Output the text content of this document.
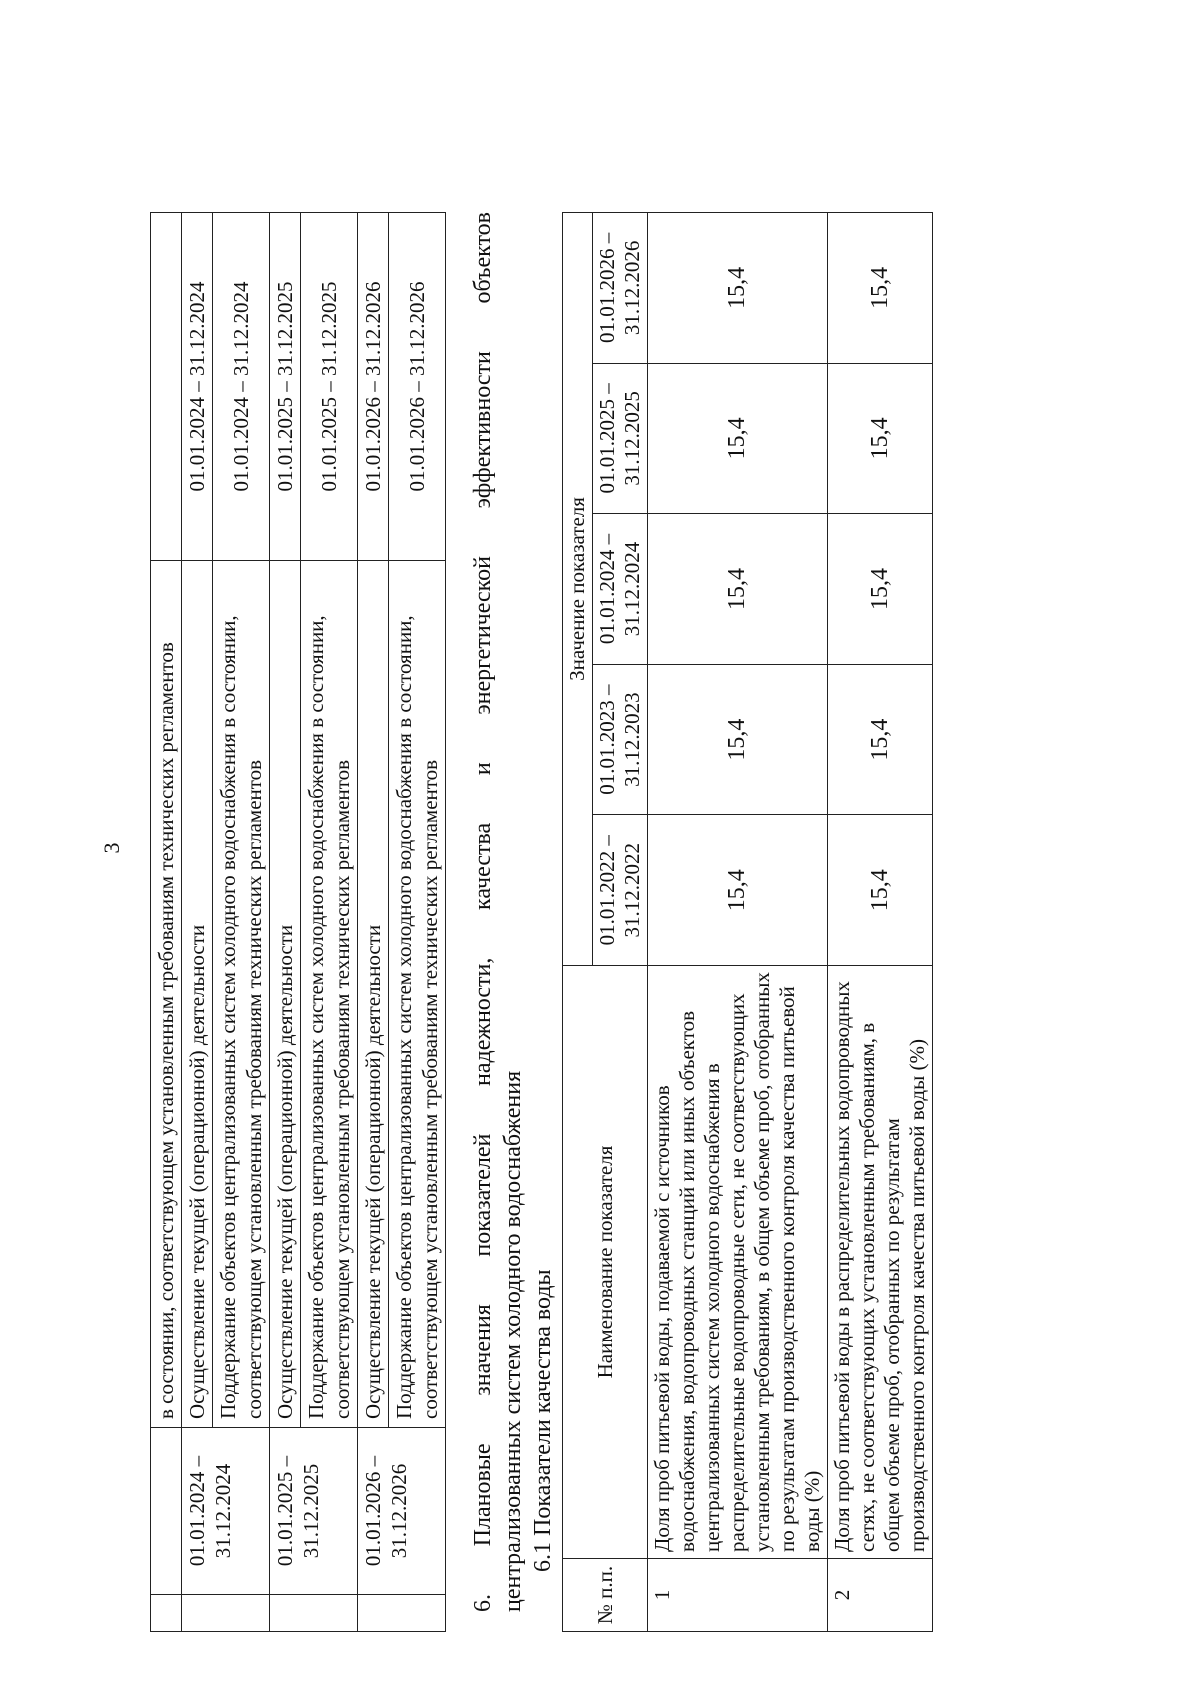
3
		в состоянии, соответствующем установленным требованиям технических регламентов	
	01.01.2024 – 31.12.2024	Осуществление текущей (операционной) деятельности	01.01.2024 – 31.12.2024
		Поддержание объектов централизованных систем холодного водоснабжения в состоянии, соответствующем установленным требованиям технических регламентов	01.01.2024 – 31.12.2024
	01.01.2025 – 31.12.2025	Осуществление текущей (операционной) деятельности	01.01.2025 – 31.12.2025
		Поддержание объектов централизованных систем холодного водоснабжения в состоянии, соответствующем установленным требованиям технических регламентов	01.01.2025 – 31.12.2025
	01.01.2026 – 31.12.2026	Осуществление текущей (операционной) деятельности	01.01.2026 – 31.12.2026
		Поддержание объектов централизованных систем холодного водоснабжения в состоянии, соответствующем установленным требованиям технических регламентов	01.01.2026 – 31.12.2026 6. Плановые значения показателей надежности, качества и энергетической эффективности объектов централизованных систем холодного водоснабжения 6.1 Показатели качества воды
№ п.п.	Наименование показателя	Значение показателя				
		01.01.2022 – 31.12.2022	01.01.2023 – 31.12.2023	01.01.2024 – 31.12.2024	01.01.2025 – 31.12.2025	01.01.2026 – 31.12.2026
1	Доля проб питьевой воды, подаваемой с источников водоснабжения, водопроводных станций или иных объектов централизованных систем холодного водоснабжения в распределительные водопроводные сети, не соответствующих установленным требованиям, в общем объеме проб, отобранных по результатам производственного контроля качества питьевой воды (%)	15,4	15,4	15,4	15,4	15,4
2	Доля проб питьевой воды в распределительных водопроводных сетях, не соответствующих установленным требованиям, в общем объеме проб, отобранных по результатам производственного контроля качества питьевой воды (%)	15,4	15,4	15,4	15,4	15,4
